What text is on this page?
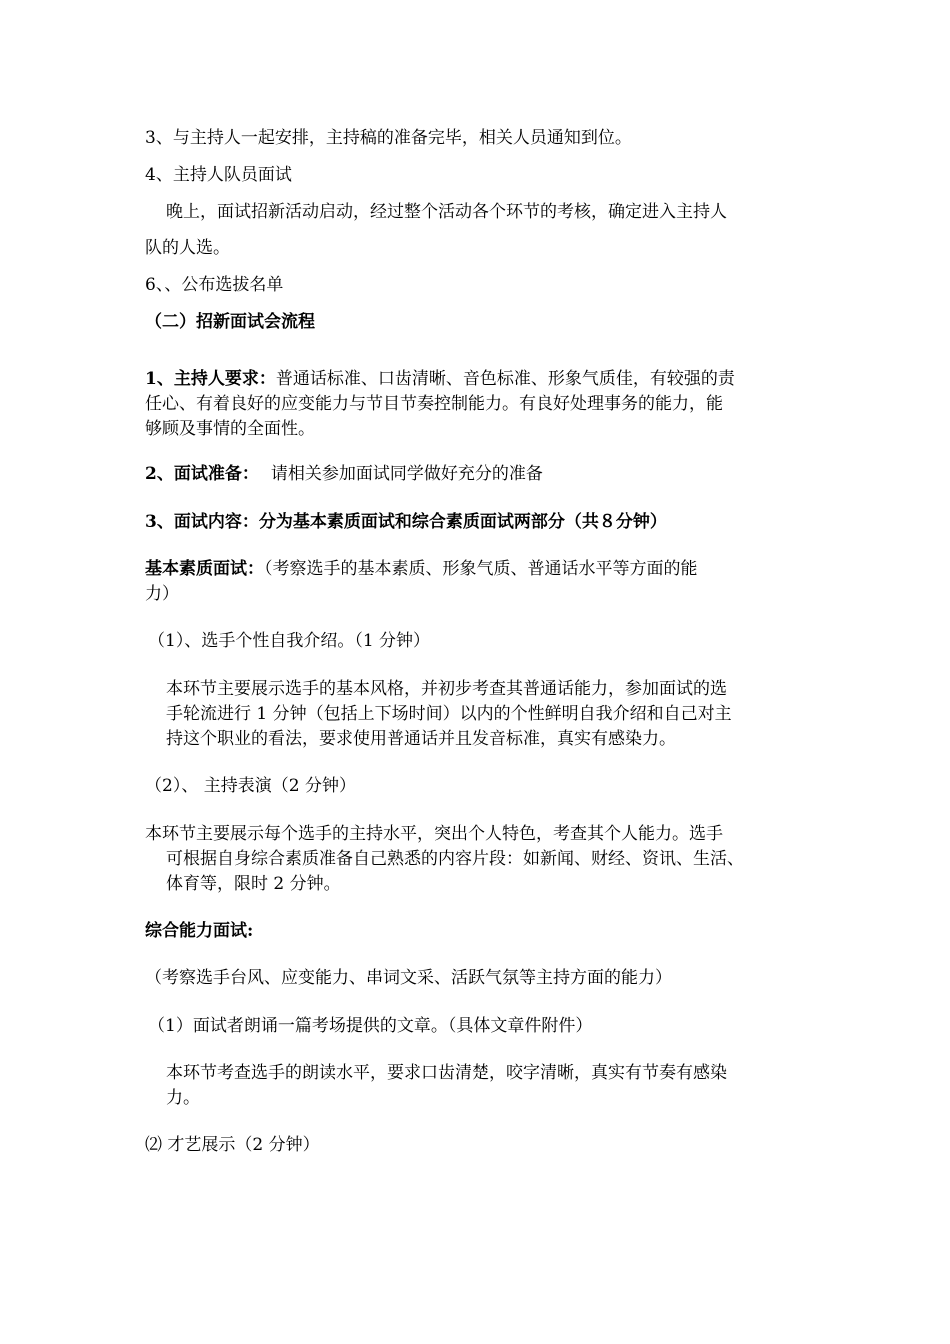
3、与主持人一起安排，主持稿的准备完毕，相关人员通知到位。
4、主持人队员面试
晚上，面试招新活动启动，经过整个活动各个环节的考核，确定进入主持人
队的人选。
6、、公布选拔名单
（二）招新面试会流程
1、主持人要求：普通话标准、口齿清晰、音色标准、形象气质佳，有较强的责
任心、有着良好的应变能力与节目节奏控制能力。有良好处理事务的能力，能
够顾及事情的全面性。
2、面试准备： 请相关参加面试同学做好充分的准备
3、面试内容：分为基本素质面试和综合素质面试两部分（共８分钟）
基本素质面试：（考察选手的基本素质、形象气质、普通话水平等方面的能
力）
（1）、选手个性自我介绍。（1 分钟）
本环节主要展示选手的基本风格，并初步考查其普通话能力，参加面试的选
手轮流进行 1 分钟（包括上下场时间）以内的个性鲜明自我介绍和自己对主
持这个职业的看法，要求使用普通话并且发音标准，真实有感染力。
（2）、 主持表演（2 分钟）
本环节主要展示每个选手的主持水平，突出个人特色，考查其个人能力。选手
可根据自身综合素质准备自己熟悉的内容片段：如新闻、财经、资讯、生活、
体育等，限时 2 分钟。
综合能力面试:
（考察选手台风、应变能力、串词文采、活跃气氛等主持方面的能力）
（1）面试者朗诵一篇考场提供的文章。（具体文章件附件）
本环节考查选手的朗读水平，要求口齿清楚，咬字清晰，真实有节奏有感染
力。
⑵ 才艺展示（2 分钟）
